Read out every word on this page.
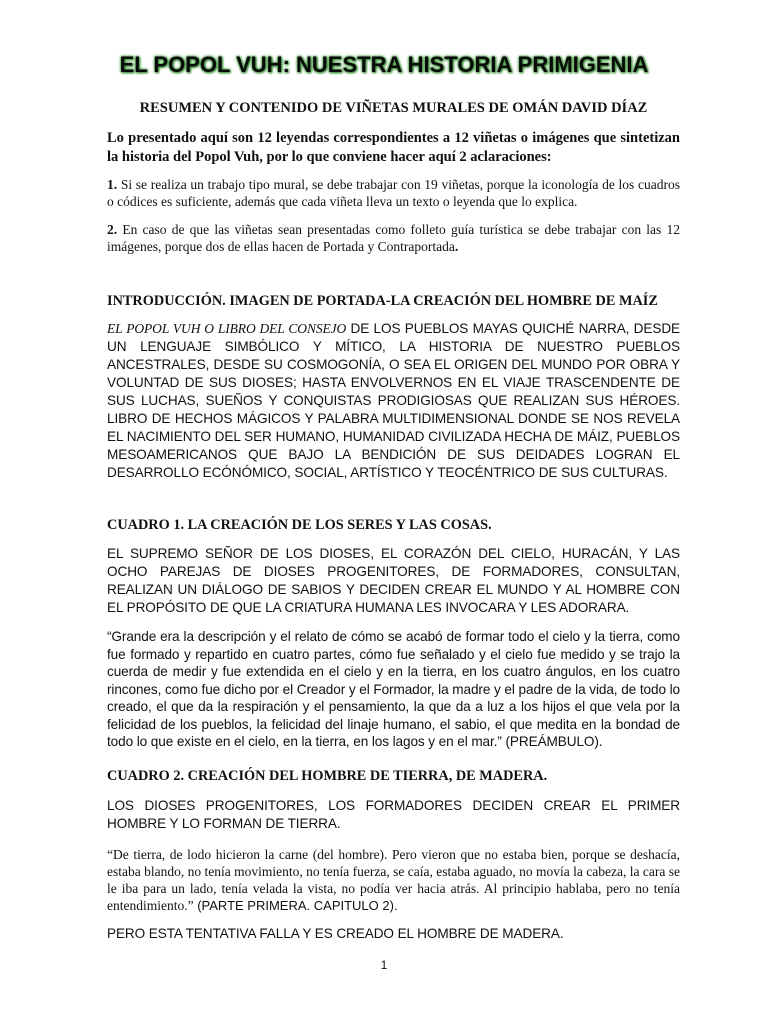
EL POPOL VUH: NUESTRA HISTORIA PRIMIGENIA

RESUMEN Y CONTENIDO DE VIÑETAS MURALES DE OMÁN DAVID DÍAZ

Lo presentado aquí son 12 leyendas correspondientes a 12 viñetas o imágenes que sintetizan la historia del Popol Vuh, por lo que conviene hacer aquí 2 aclaraciones:

1. Si se realiza un trabajo tipo mural, se debe trabajar con 19 viñetas, porque la iconología de los cuadros o códices es suficiente, además que cada viñeta lleva un texto o leyenda que lo explica.

2. En caso de que las viñetas sean presentadas como folleto guía turística se debe trabajar con las 12 imágenes, porque dos de ellas hacen de Portada y Contraportada.

INTRODUCCIÓN. IMAGEN DE PORTADA-LA CREACIÓN DEL HOMBRE DE MAÍZ

EL POPOL VUH O LIBRO DEL CONSEJO DE LOS PUEBLOS MAYAS QUICHÉ NARRA, DESDE UN LENGUAJE SIMBÓLICO Y MÍTICO, LA HISTORIA DE NUESTRO PUEBLOS ANCESTRALES, DESDE SU COSMOGONÍA, O SEA EL ORIGEN DEL MUNDO POR OBRA Y VOLUNTAD DE SUS DIOSES; HASTA ENVOLVERNOS EN EL VIAJE TRASCENDENTE DE SUS LUCHAS, SUEÑOS Y CONQUISTAS PRODIGIOSAS QUE REALIZAN SUS HÉROES. LIBRO DE HECHOS MÁGICOS Y PALABRA MULTIDIMENSIONAL DONDE SE NOS REVELA EL NACIMIENTO DEL SER HUMANO, HUMANIDAD CIVILIZADA HECHA DE MÁIZ, PUEBLOS MESOAMERICANOS QUE BAJO LA BENDICIÓN DE SUS DEIDADES LOGRAN EL DESARROLLO ECÓNÓMICO, SOCIAL, ARTÍSTICO Y TEOCÉNTRICO DE SUS CULTURAS.

CUADRO 1. LA CREACIÓN DE LOS SERES Y LAS COSAS.

EL SUPREMO SEÑOR DE LOS DIOSES, EL CORAZÓN DEL CIELO, HURACÁN, Y LAS OCHO PAREJAS DE DIOSES PROGENITORES, DE FORMADORES, CONSULTAN, REALIZAN UN DIÁLOGO DE SABIOS Y DECIDEN CREAR EL MUNDO Y AL HOMBRE CON EL PROPÓSITO DE QUE LA CRIATURA HUMANA LES INVOCARA Y LES ADORARA.

“Grande era la descripción y el relato de cómo se acabó de formar todo el cielo y la tierra, como fue formado y repartido en cuatro partes, cómo fue señalado y el cielo fue medido y se trajo la cuerda de medir y fue extendida en el cielo y en la tierra, en los cuatro ángulos, en los cuatro rincones, como fue dicho por el Creador y el Formador, la madre y el padre de la vida, de todo lo creado, el que da la respiración y el pensamiento, la que da a luz a los hijos el que vela por la felicidad de los pueblos, la felicidad del linaje humano, el sabio, el que medita en la bondad de todo lo que existe en el cielo, en la tierra, en los lagos y en el mar.” (PREÁMBULO).

CUADRO 2. CREACIÓN DEL HOMBRE DE TIERRA, DE MADERA.

LOS DIOSES PROGENITORES, LOS FORMADORES DECIDEN CREAR EL PRIMER HOMBRE Y LO FORMAN DE TIERRA.

“De tierra, de lodo hicieron la carne (del hombre). Pero vieron que no estaba bien, porque se deshacía, estaba blando, no tenía movimiento, no tenía fuerza, se caía, estaba aguado, no movía la cabeza, la cara se le iba para un lado, tenía velada la vista, no podía ver hacia atrás. Al principio hablaba, pero no tenía entendimiento.” (PARTE PRIMERA. CAPITULO 2).

PERO ESTA TENTATIVA FALLA Y ES CREADO EL HOMBRE DE MADERA.

1
